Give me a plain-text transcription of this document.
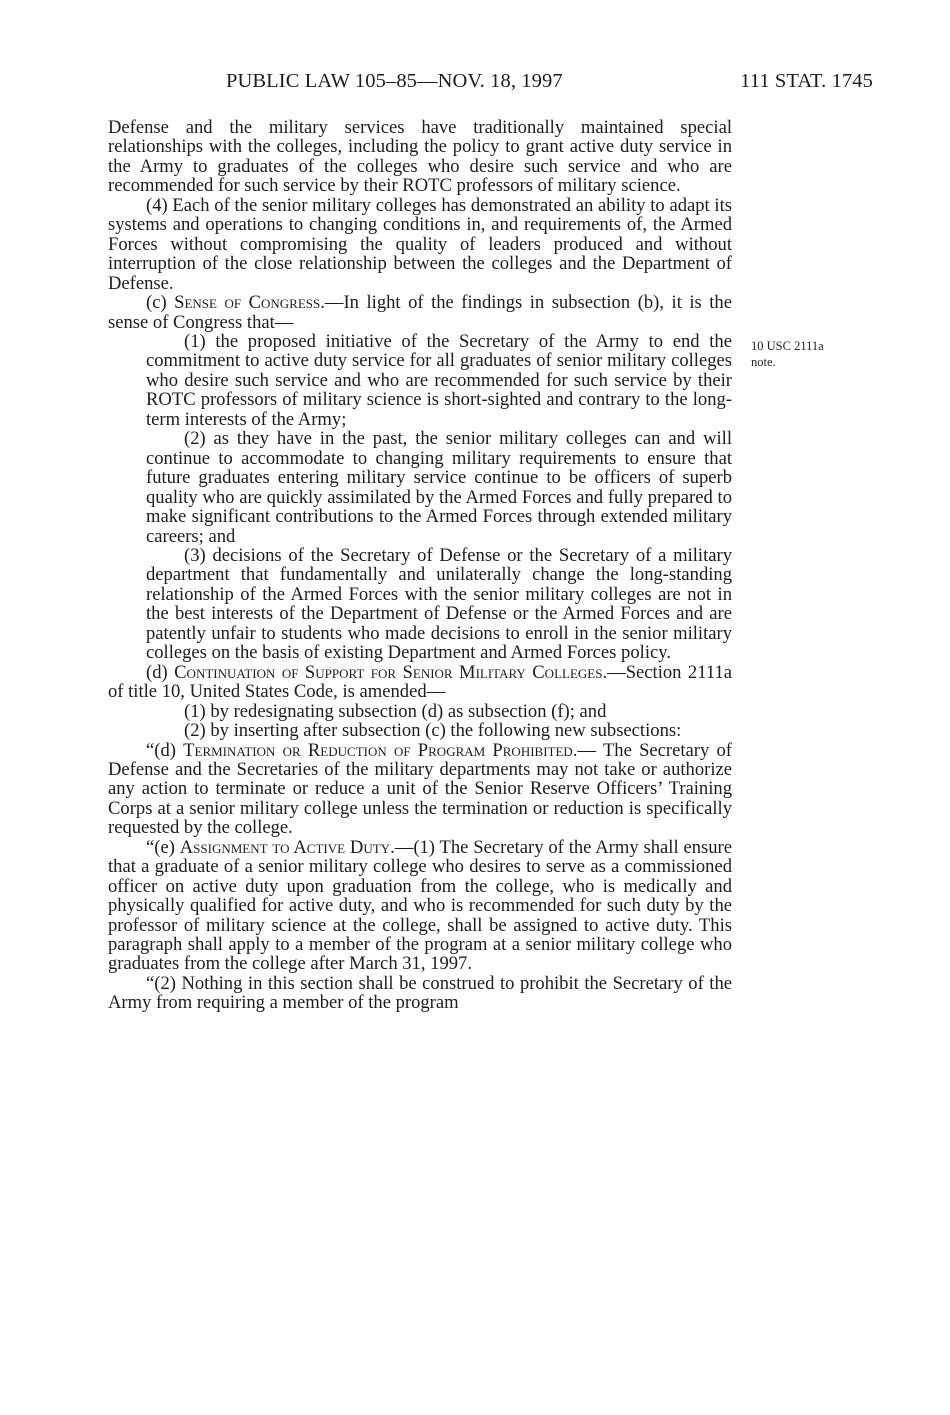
PUBLIC LAW 105–85—NOV. 18, 1997	111 STAT. 1745

Defense and the military services have traditionally maintained special relationships with the colleges, including the policy to grant active duty service in the Army to graduates of the colleges who desire such service and who are recommended for such service by their ROTC professors of military science.

(4) Each of the senior military colleges has demonstrated an ability to adapt its systems and operations to changing conditions in, and requirements of, the Armed Forces without compromising the quality of leaders produced and without interruption of the close relationship between the colleges and the Department of Defense.

(c) Sense of Congress.—In light of the findings in subsection (b), it is the sense of Congress that—

(1) the proposed initiative of the Secretary of the Army to end the commitment to active duty service for all graduates of senior military colleges who desire such service and who are recommended for such service by their ROTC professors of military science is short-sighted and contrary to the long-term interests of the Army;

(2) as they have in the past, the senior military colleges can and will continue to accommodate to changing military requirements to ensure that future graduates entering military service continue to be officers of superb quality who are quickly assimilated by the Armed Forces and fully prepared to make significant contributions to the Armed Forces through extended military careers; and

(3) decisions of the Secretary of Defense or the Secretary of a military department that fundamentally and unilaterally change the long-standing relationship of the Armed Forces with the senior military colleges are not in the best interests of the Department of Defense or the Armed Forces and are patently unfair to students who made decisions to enroll in the senior military colleges on the basis of existing Department and Armed Forces policy.

(d) Continuation of Support for Senior Military Colleges.—Section 2111a of title 10, United States Code, is amended—

(1) by redesignating subsection (d) as subsection (f); and

(2) by inserting after subsection (c) the following new subsections:

“(d) Termination or Reduction of Program Prohibited.— The Secretary of Defense and the Secretaries of the military departments may not take or authorize any action to terminate or reduce a unit of the Senior Reserve Officers’ Training Corps at a senior military college unless the termination or reduction is specifically requested by the college.

“(e) Assignment to Active Duty.—(1) The Secretary of the Army shall ensure that a graduate of a senior military college who desires to serve as a commissioned officer on active duty upon graduation from the college, who is medically and physically qualified for active duty, and who is recommended for such duty by the professor of military science at the college, shall be assigned to active duty. This paragraph shall apply to a member of the program at a senior military college who graduates from the college after March 31, 1997.

“(2) Nothing in this section shall be construed to prohibit the Secretary of the Army from requiring a member of the program

10 USC 2111a
note.
